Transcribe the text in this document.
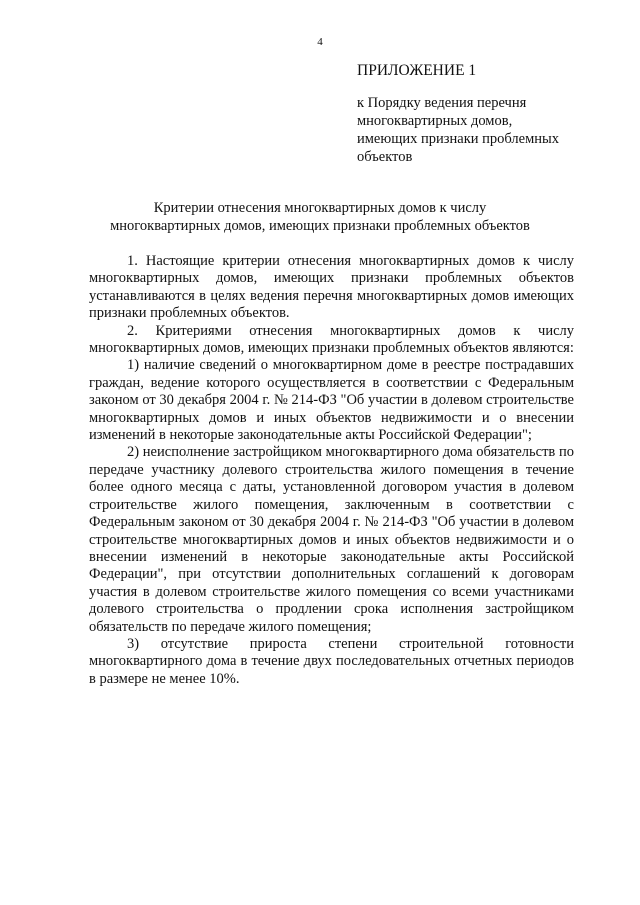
4
ПРИЛОЖЕНИЕ 1
к Порядку ведения перечня
многоквартирных домов,
имеющих признаки проблемных
объектов
Критерии отнесения многоквартирных домов к числу
многоквартирных домов, имеющих признаки проблемных объектов

1. Настоящие критерии отнесения многоквартирных домов к числу многоквартирных домов, имеющих признаки проблемных объектов устанавливаются в целях ведения перечня многоквартирных домов имеющих признаки проблемных объектов.

2. Критериями отнесения многоквартирных домов к числу многоквартирных домов, имеющих признаки проблемных объектов являются:

1) наличие сведений о многоквартирном доме в реестре пострадавших граждан, ведение которого осуществляется в соответствии с Федеральным законом от 30 декабря 2004 г. № 214-ФЗ "Об участии в долевом строительстве многоквартирных домов и иных объектов недвижимости и о внесении изменений в некоторые законодательные акты Российской Федерации";

2) неисполнение застройщиком многоквартирного дома обязательств по передаче участнику долевого строительства жилого помещения в течение более одного месяца с даты, установленной договором участия в долевом строительстве жилого помещения, заключенным в соответствии с Федеральным законом от 30 декабря 2004 г. № 214-ФЗ "Об участии в долевом строительстве многоквартирных домов и иных объектов недвижимости и о внесении изменений в некоторые законодательные акты Российской Федерации", при отсутствии дополнительных соглашений к договорам участия в долевом строительстве жилого помещения со всеми участниками долевого строительства о продлении срока исполнения застройщиком обязательств по передаче жилого помещения;

3) отсутствие прироста степени строительной готовности многоквартирного дома в течение двух последовательных отчетных периодов в размере не менее 10%.
